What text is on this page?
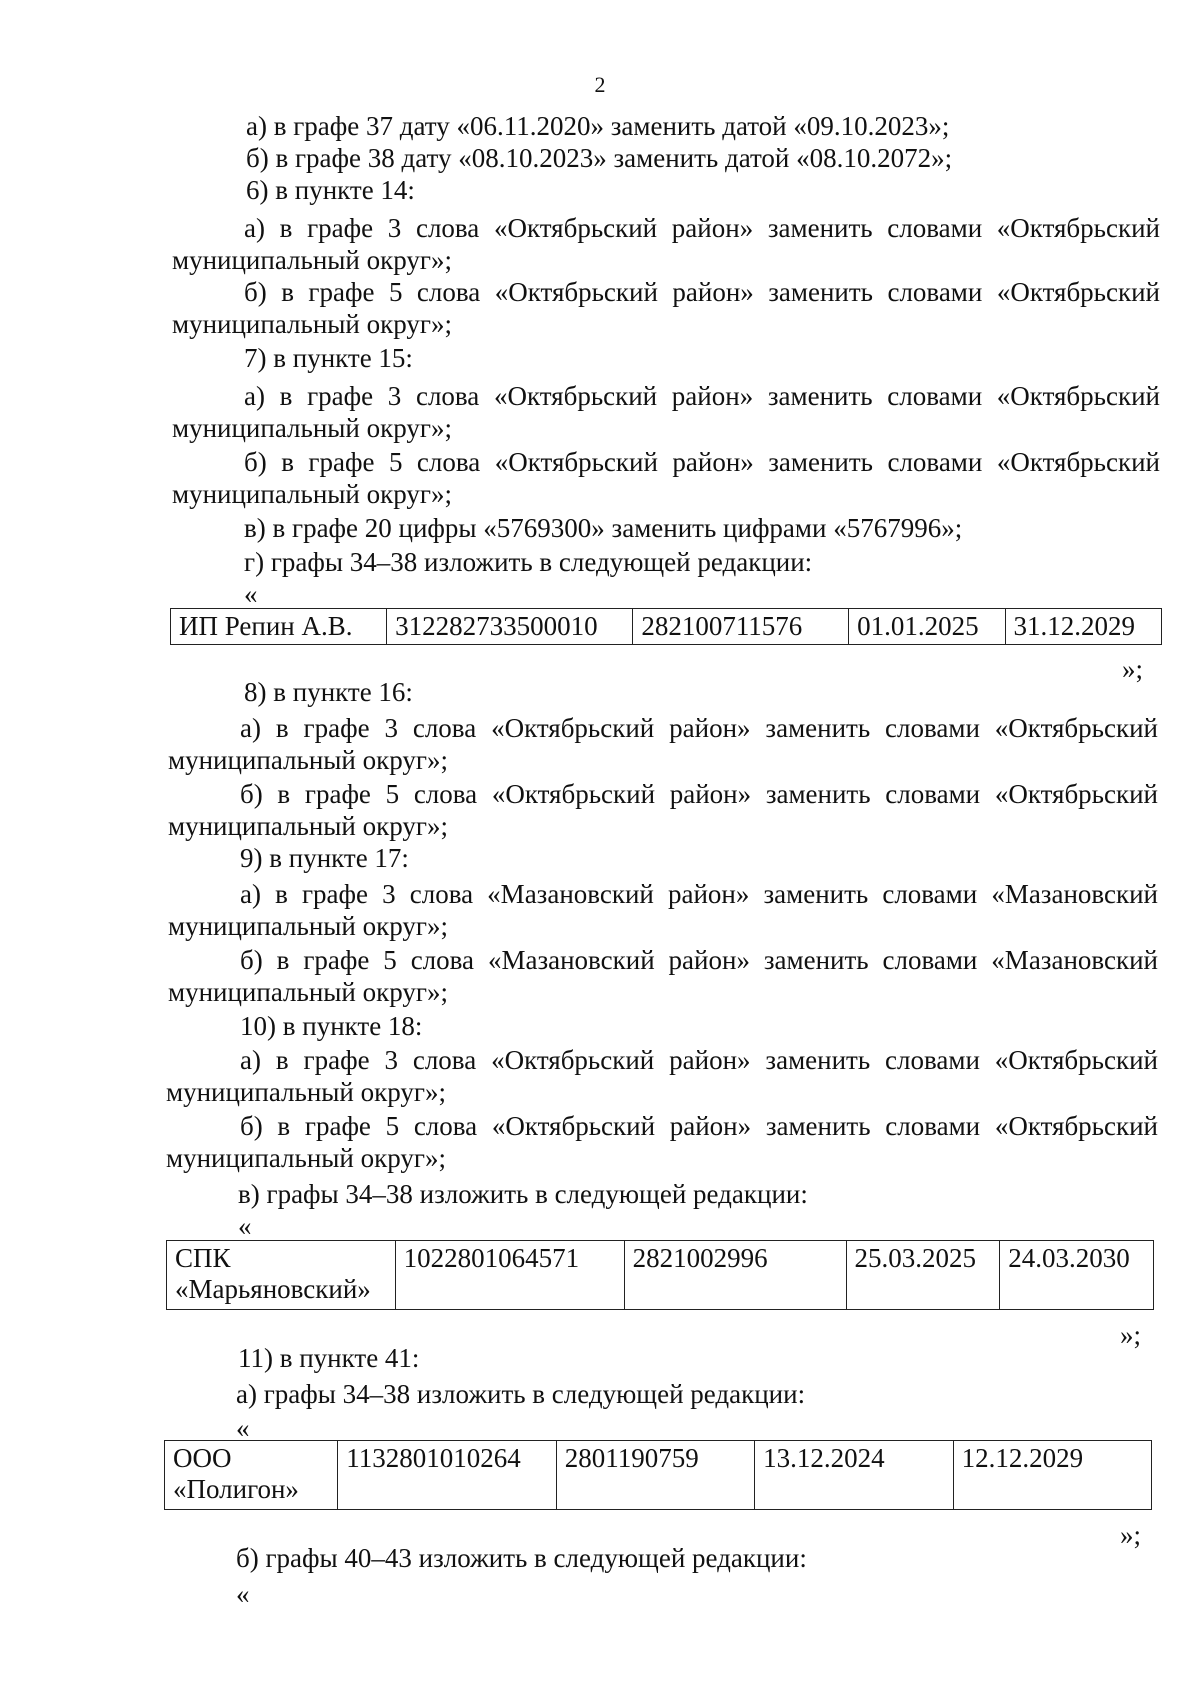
2
а) в графе 37 дату «06.11.2020» заменить датой «09.10.2023»;
б) в графе 38 дату «08.10.2023» заменить датой «08.10.2072»;
6) в пункте 14:
а) в графе 3 слова «Октябрьский район» заменить словами «Октябрьский
муниципальный округ»;
б) в графе 5 слова «Октябрьский район» заменить словами «Октябрьский
муниципальный округ»;
7) в пункте 15:
а) в графе 3 слова «Октябрьский район» заменить словами «Октябрьский
муниципальный округ»;
б) в графе 5 слова «Октябрьский район» заменить словами «Октябрьский
муниципальный округ»;
в) в графе 20 цифры «5769300» заменить цифрами «5767996»;
г) графы 34–38 изложить в следующей редакции:
«
ИП Репин А.В.	312282733500010	282100711576	01.01.2025	31.12.2029
»;
8) в пункте 16:
а) в графе 3 слова «Октябрьский район» заменить словами «Октябрьский
муниципальный округ»;
б) в графе 5 слова «Октябрьский район» заменить словами «Октябрьский
муниципальный округ»;
9) в пункте 17:
а) в графе 3 слова «Мазановский район» заменить словами «Мазановский
муниципальный округ»;
б) в графе 5 слова «Мазановский район» заменить словами «Мазановский
муниципальный округ»;
10) в пункте 18:
а) в графе 3 слова «Октябрьский район» заменить словами «Октябрьский
муниципальный округ»;
б) в графе 5 слова «Октябрьский район» заменить словами «Октябрьский
муниципальный округ»;
в) графы 34–38 изложить в следующей редакции:
«
СПК
«Марьяновский»
	1022801064571	2821002996	25.03.2025	24.03.2030
»;
11) в пункте 41:
а) графы 34–38 изложить в следующей редакции:
«
ООО
«Полигон»
	1132801010264	2801190759	13.12.2024	12.12.2029
»;
б) графы 40–43 изложить в следующей редакции:
«
